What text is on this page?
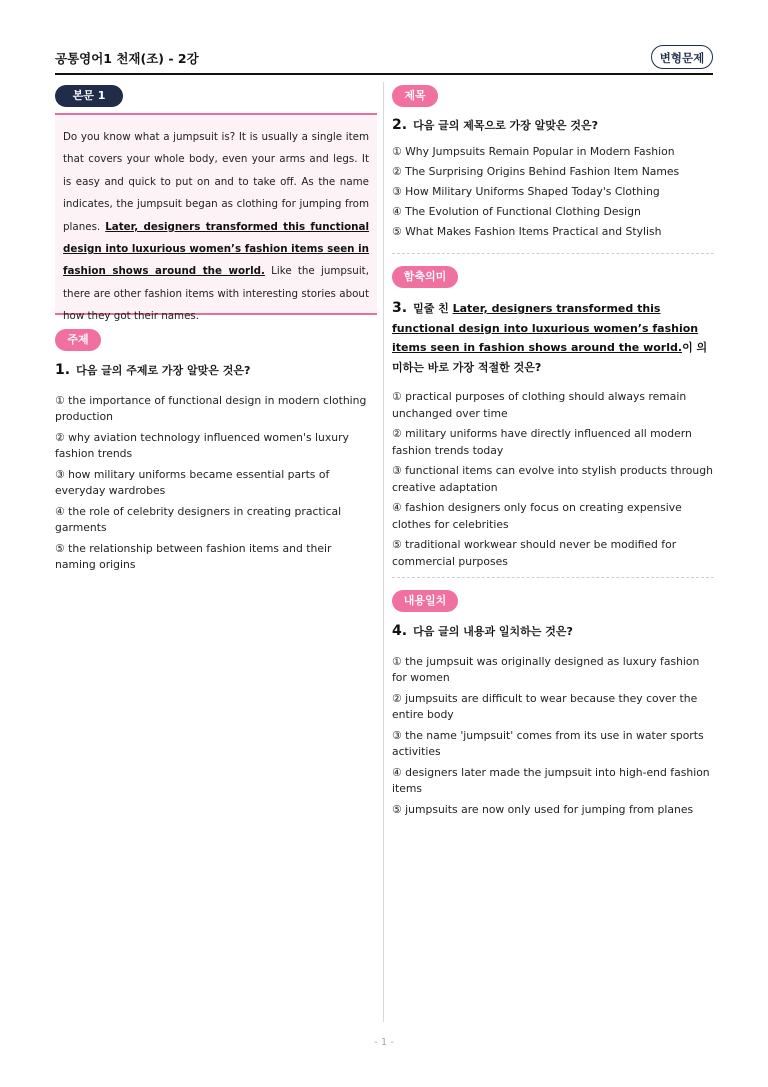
공통영어1 천재(조) - 2강	변형문제
본문 1

Do you know what a jumpsuit is? It is usually a single item that covers your whole body, even your arms and legs. It is easy and quick to put on and to take off. As the name indicates, the jumpsuit began as clothing for jumping from planes. Later, designers transformed this functional design into luxurious women’s fashion items seen in fashion shows around the world. Like the jumpsuit, there are other fashion items with interesting stories about how they got their names.

주제
1. 다음 글의 주제로 가장 알맞은 것은?
① the importance of functional design in modern clothing production
② why aviation technology influenced women's luxury fashion trends
③ how military uniforms became essential parts of everyday wardrobes
④ the role of celebrity designers in creating practical garments
⑤ the relationship between fashion items and their naming origins
제목
2. 다음 글의 제목으로 가장 알맞은 것은?
① Why Jumpsuits Remain Popular in Modern Fashion
② The Surprising Origins Behind Fashion Item Names
③ How Military Uniforms Shaped Today's Clothing
④ The Evolution of Functional Clothing Design
⑤ What Makes Fashion Items Practical and Stylish
함축의미
3. 밑줄 친 Later, designers transformed this functional design into luxurious women’s fashion items seen in fashion shows around the world.이 의미하는 바로 가장 적절한 것은?
① practical purposes of clothing should always remain unchanged over time
② military uniforms have directly influenced all modern fashion trends today
③ functional items can evolve into stylish products through creative adaptation
④ fashion designers only focus on creating expensive clothes for celebrities
⑤ traditional workwear should never be modified for commercial purposes
내용일치
4. 다음 글의 내용과 일치하는 것은?
① the jumpsuit was originally designed as luxury fashion for women
② jumpsuits are difficult to wear because they cover the entire body
③ the name 'jumpsuit' comes from its use in water sports activities
④ designers later made the jumpsuit into high-end fashion items
⑤ jumpsuits are now only used for jumping from planes
- 1 -
